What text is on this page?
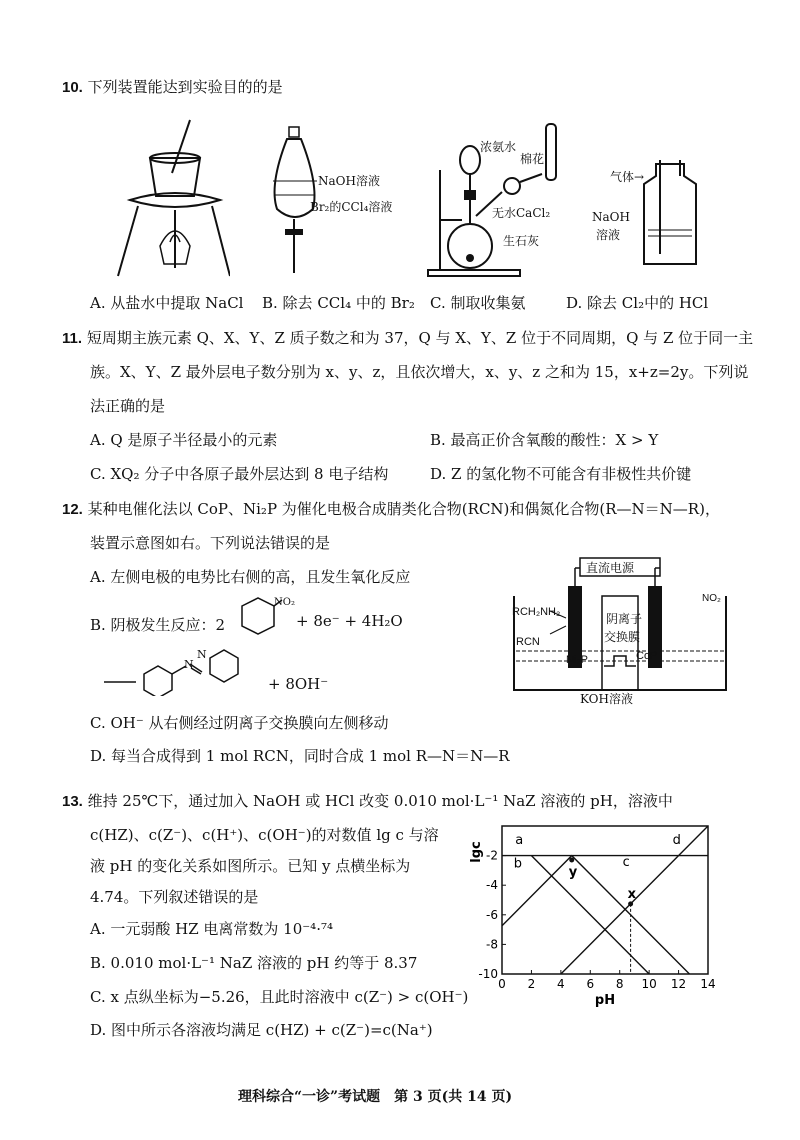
10. 下列装置能达到实验目的的是
NaOH溶液
Br₂的CCl₄溶液
浓氨水
棉花
无水CaCl₂
生石灰
气体→
NaOH
溶液
A. 从盐水中提取 NaCl B. 除去 CCl₄ 中的 Br₂ C. 制取收集氨	D. 除去 Cl₂中的 HCl
11. 短周期主族元素 Q、X、Y、Z 质子数之和为 37，Q 与 X、Y、Z 位于不同周期，Q 与 Z 位于同一主
族。X、Y、Z 最外层电子数分别为 x、y、z，且依次增大，x、y、z 之和为 15，x+z=2y。下列说
法正确的是
A. Q 是原子半径最小的元素	B. 最高正价含氧酸的酸性：X > Y
C. XQ₂ 分子中各原子最外层达到 8 电子结构	D. Z 的氢化物不可能含有非极性共价键
12. 某种电催化法以 CoP、Ni₂P 为催化电极合成腈类化合物(RCN)和偶氮化合物(R—N＝N—R)，
装置示意图如右。下列说法错误的是
A. 左侧电极的电势比右侧的高，且发生氧化反应
B. 阴极发生反应：2
NO₂
+ 8e⁻ + 4H₂O
N
N
+ 8OH⁻
C. OH⁻ 从右侧经过阴离子交换膜向左侧移动
D. 每当合成得到 1 mol RCN，同时合成 1 mol R—N＝N—R
直流电源
RCH₂NH₂
RCN
阴离子
交换膜
Ni₂P	CoP
NO₂
KOH溶液
13. 维持 25℃下，通过加入 NaOH 或 HCl 改变 0.010 mol·L⁻¹ NaZ 溶液的 pH，溶液中
c(HZ)、c(Z⁻)、c(H⁺)、c(OH⁻)的对数值 lg c 与溶
液 pH 的变化关系如图所示。已知 y 点横坐标为
4.74。下列叙述错误的是
A. 一元弱酸 HZ 电离常数为 10⁻⁴·⁷⁴
B. 0.010 mol·L⁻¹ NaZ 溶液的 pH 约等于 8.37
C. x 点纵坐标为−5.26，且此时溶液中 c(Z⁻) > c(OH⁻)
D. 图中所示各溶液均满足 c(HZ) + c(Z⁻)=c(Na⁺)
0 2 4 6 8 10 12 14
-2
-4
-6
-8
-10
pH
lgc
a
b	c
d
y
x
理科综合“一诊”考试题　第 3 页(共 14 页)
